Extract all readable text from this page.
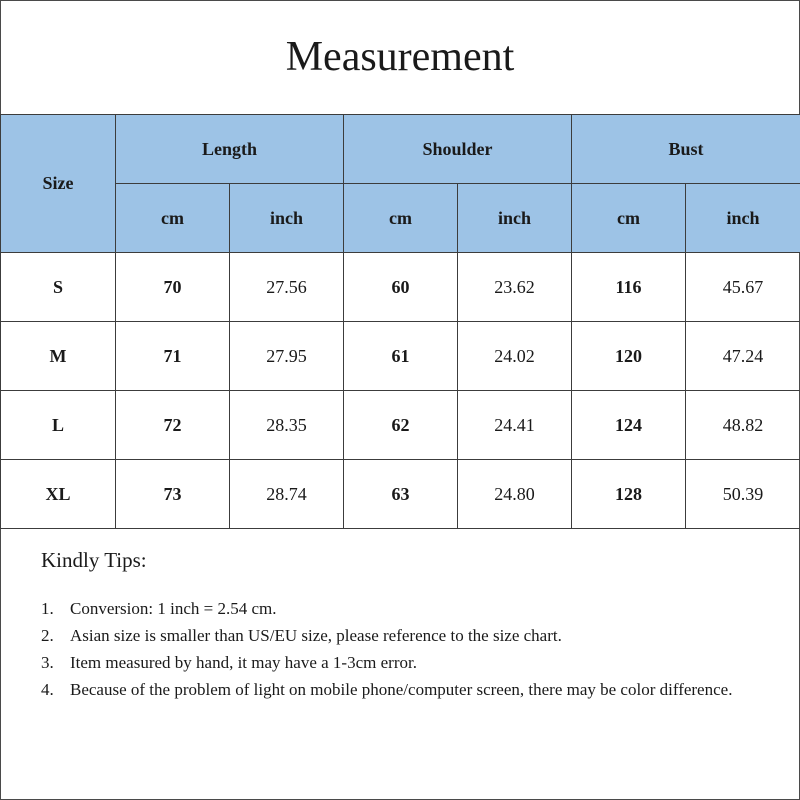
Measurement
Size	Length		Shoulder		Bust	
	cm	inch	cm	inch	cm	inch
S	70	27.56	60	23.62	116	45.67
M	71	27.95	61	24.02	120	47.24
L	72	28.35	62	24.41	124	48.82
XL	73	28.74	63	24.80	128	50.39
Kindly Tips:
1. Conversion: 1 inch = 2.54 cm.
2. Asian size is smaller than US/EU size, please reference to the size chart.
3. Item measured by hand, it may have a 1-3cm error.
4. Because of the problem of light on mobile phone/computer screen, there may be color difference.
